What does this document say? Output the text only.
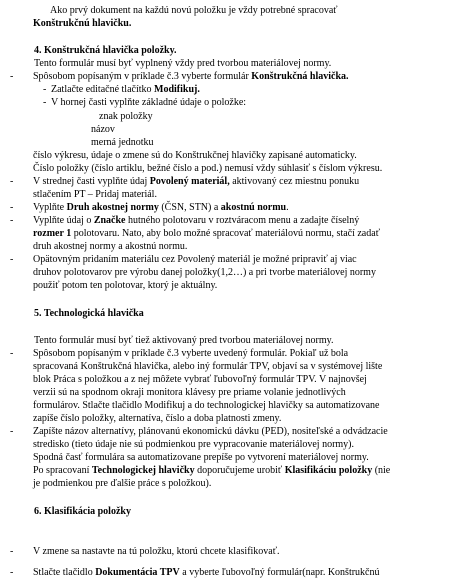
Ako prvý dokument na každú novú položku je vždy potrebné spracovať
Konštrukčnú hlavičku.
4. Konštrukčná hlavička položky.
Tento formulár musí byť vyplnený vždy pred tvorbou materiálovej normy.
- Spôsobom popísaným v príklade č.3 vyberte formulár Konštrukčná hlavička.
- Zatlačte editačné tlačítko Modifikuj.
- V hornej časti vyplňte základné údaje o položke:
znak položky
názov
merná jednotku
číslo výkresu, údaje o zmene sú do Konštrukčnej hlavičky zapisané automaticky.
Číslo položky (číslo artiklu, bežné číslo a pod.) nemusí vždy súhlasiť s číslom výkresu.
- V strednej časti vyplňte údaj Povolený materiál, aktivovaný cez miestnu ponuku
stlačením PT – Pridaj materiál.
- Vyplňte Druh akostnej normy (ČSN, STN) a akostnú normu.
- Vyplňte údaj o Značke hutného polotovaru v roztváracom menu a zadajte číselný
rozmer 1 polotovaru. Nato, aby bolo možné spracovať materiálovú normu, stačí zadať
druh akostnej normy a akostnú normu.
- Opätovným pridaním materiálu cez Povolený materiál je možné pripraviť aj viac
druhov polotovarov pre výrobu danej položky(1,2…) a pri tvorbe materiálovej normy
použiť potom ten polotovar, ktorý je aktuálny.
5. Technologická hlavička
Tento formulár musí byť tiež aktivovaný pred tvorbou materiálovej normy.
- Spôsobom popísaným v príklade č.3 vyberte uvedený formulár. Pokiaľ už bola
spracovaná Konštrukčná hlavička, alebo iný formulár TPV, objaví sa v systémovej lište
blok Práca s položkou a z nej môžete vybrať ľubovoľný formulár TPV. V najnovšej
verzii sú na spodnom okraji monitora klávesy pre priame volanie jednotlivých
formulárov. Stlačte tlačidlo Modifikuj a do technologickej hlavičky sa automatizovane
zapíše číslo položky, alternatíva, číslo a doba platnosti zmeny.
- Zapíšte názov alternatívy, plánovanú ekonomickú dávku (PED), nositeľské a odvádzacie
stredisko (tieto údaje nie sú podmienkou pre vypracovanie materiálovej normy).
Spodná časť formulára sa automatizovane prepíše po vytvorení materiálovej normy.
Po spracovaní Technologickej hlavičky doporučujeme urobiť Klasifikáciu položky (nie
je podmienkou pre ďalšie práce s položkou).
6. Klasifikácia položky
- V zmene sa nastavte na tú položku, ktorú chcete klasifikovať.
- Stlačte tlačidlo Dokumentácia TPV a vyberte ľubovoľný formulár(napr. Konštrukčnú
